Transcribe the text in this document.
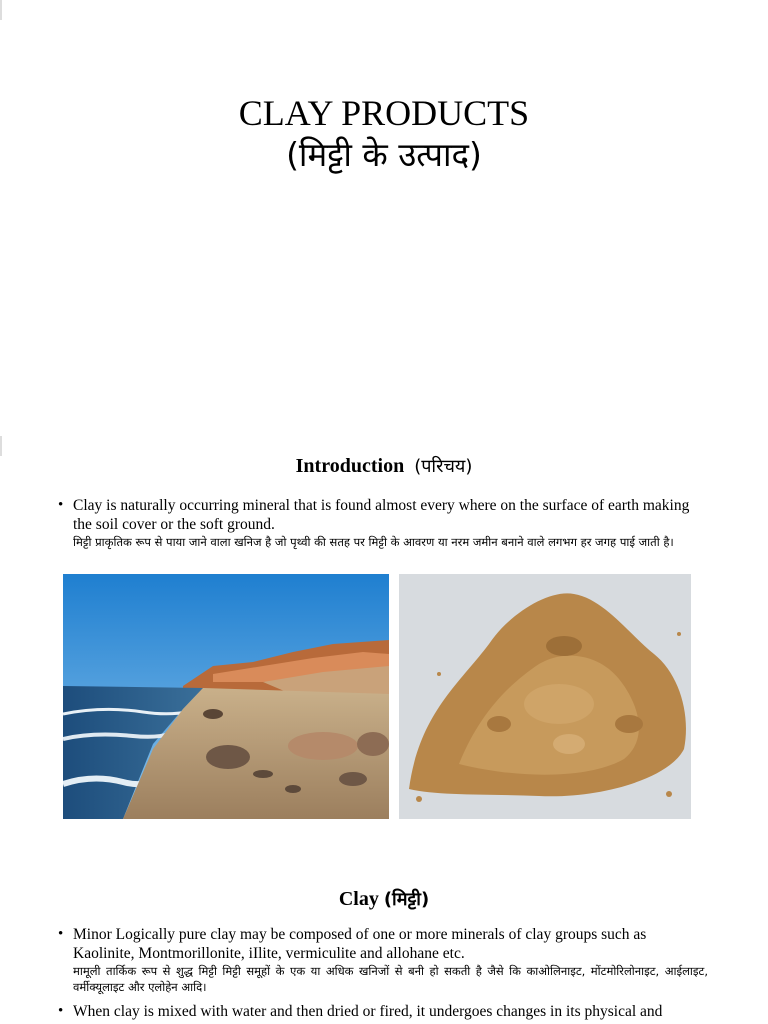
CLAY PRODUCTS
(मिट्टी के उत्पाद)
Introduction (परिचय)
• Clay is naturally occurring mineral that is found almost every where on the surface of earth making the soil cover or the soft ground.
मिट्टी प्राकृतिक रूप से पाया जाने वाला खनिज है जो पृथ्वी की सतह पर मिट्टी के आवरण या नरम जमीन बनाने वाले लगभग हर जगह पाई जाती है।
Clay (मिट्टी)
• Minor Logically pure clay may be composed of one or more minerals of clay groups such as Kaolinite, Montmorillonite, iIlite, vermiculite and allohane etc.
मामूली तार्किक रूप से शुद्ध मिट्टी मिट्टी समूहों के एक या अधिक खनिजों से बनी हो सकती है जैसे कि काओलिनाइट, मोंटमोरिलोनाइट, आईलाइट, वर्मीक्यूलाइट और एलोहेन आदि।
• When clay is mixed with water and then dried or fired, it undergoes changes in its physical and
